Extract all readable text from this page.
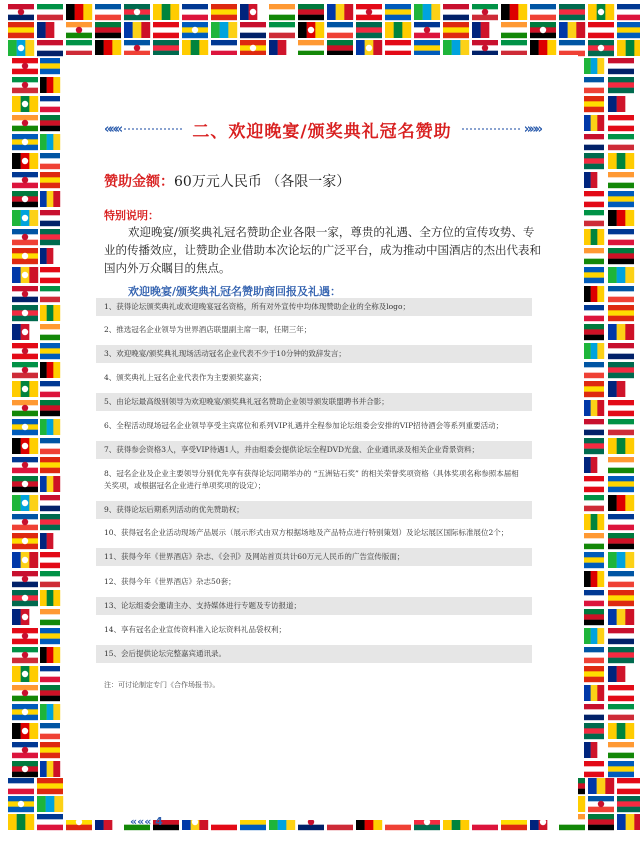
«««	二、欢迎晚宴/颁奖典礼冠名赞助	»»»
赞助金额：60万元人民币 （各限一家）
特别说明：
欢迎晚宴/颁奖典礼冠名赞助企业各限一家，尊贵的礼遇、全方位的宣传攻势、专业的传播效应，让赞助企业借助本次论坛的广泛平台，成为推动中国酒店的杰出代表和国内外万众瞩目的焦点。
欢迎晚宴/颁奖典礼冠名赞助商回报及礼遇：
1、获得论坛颁奖典礼或欢迎晚宴冠名资格，所有对外宣传中均体现赞助企业的全称及logo；
2、推选冠名企业领导为世界酒店联盟副主席一职，任期三年；
3、欢迎晚宴/颁奖典礼现场活动冠名企业代表不少于10分钟的致辞发言；
4、颁奖典礼上冠名企业代表作为主要颁奖嘉宾；
5、由论坛最高级别领导为欢迎晚宴/颁奖典礼冠名赞助企业领导颁发联盟聘书并合影；
6、全程活动现场冠名企业领导享受主宾席位和系列VIP礼遇并全程参加论坛组委会安排的VIP招待酒会等系列重要活动；
7、获得参会资格3人，享受VIP待遇1人，并由组委会提供论坛全程DVD光盘、企业通讯录及相关企业背景资料；
8、冠名企业及企业主要领导分别优先享有获得论坛同期举办的 “五洲钻石奖” 的相关荣誉奖项资格（具体奖项名称参照本届相关奖项，或根据冠名企业进行单项奖项的设定）；
9、获得论坛后期系列活动的优先赞助权；
10、获得冠名企业活动现场产品展示（展示形式由双方根据场地及产品特点进行特别策划）及论坛展区国际标准展位2个；
11、获得今年《世界酒店》杂志、《会刊》及网站首页共计60万元人民币的广告宣传版面；
12、获得今年《世界酒店》杂志50套；
13、论坛组委会邀请主办、支持媒体进行专题及专访报道；
14、享有冠名企业宣传资料准入论坛资料礼品袋权利；
15、会后提供论坛完整嘉宾通讯录。
注：可讨论制定专门《合作场报书》。
««« 4
